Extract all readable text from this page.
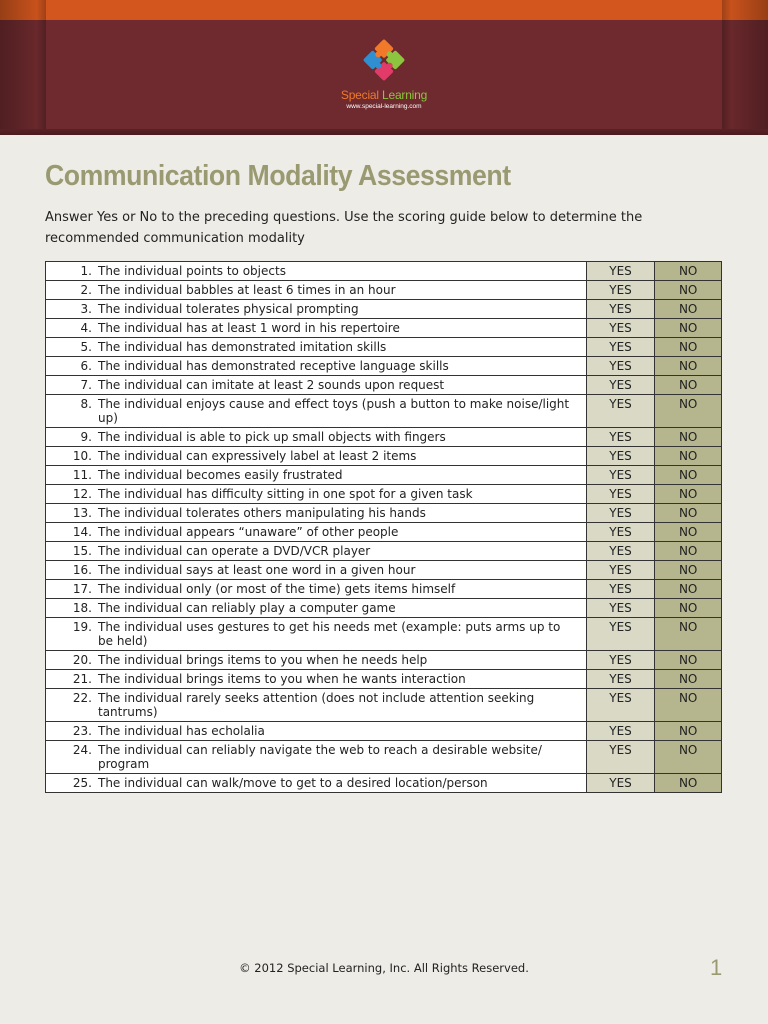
Special Learning
www.special-learning.com
Communication Modality Assessment

Answer Yes or No to the preceding questions. Use the scoring guide below to determine the recommended communication modality

1. The individual points to objects	YES	NO
2. The individual babbles at least 6 times in an hour	YES	NO
3. The individual tolerates physical prompting	YES	NO
4. The individual has at least 1 word in his repertoire	YES	NO
5. The individual has demonstrated imitation skills	YES	NO
6. The individual has demonstrated receptive language skills	YES	NO
7. The individual can imitate at least 2 sounds upon request	YES	NO
8. The individual enjoys cause and effect toys (push a button to make noise/light up)	YES	NO
9. The individual is able to pick up small objects with fingers	YES	NO
10. The individual can expressively label at least 2 items	YES	NO
11. The individual becomes easily frustrated	YES	NO
12. The individual has difficulty sitting in one spot for a given task	YES	NO
13. The individual tolerates others manipulating his hands	YES	NO
14. The individual appears “unaware” of other people	YES	NO
15. The individual can operate a DVD/VCR player	YES	NO
16. The individual says at least one word in a given hour	YES	NO
17. The individual only (or most of the time) gets items himself	YES	NO
18. The individual can reliably play a computer game	YES	NO
19. The individual uses gestures to get his needs met (example: puts arms up to be held)	YES	NO
20. The individual brings items to you when he needs help	YES	NO
21. The individual brings items to you when he wants interaction	YES	NO
22. The individual rarely seeks attention (does not include attention seeking tantrums)	YES	NO
23. The individual has echolalia	YES	NO
24. The individual can reliably navigate the web to reach a desirable website/ program	YES	NO
25. The individual can walk/move to get to a desired location/person	YES	NO
© 2012 Special Learning, Inc. All Rights Reserved.	1
